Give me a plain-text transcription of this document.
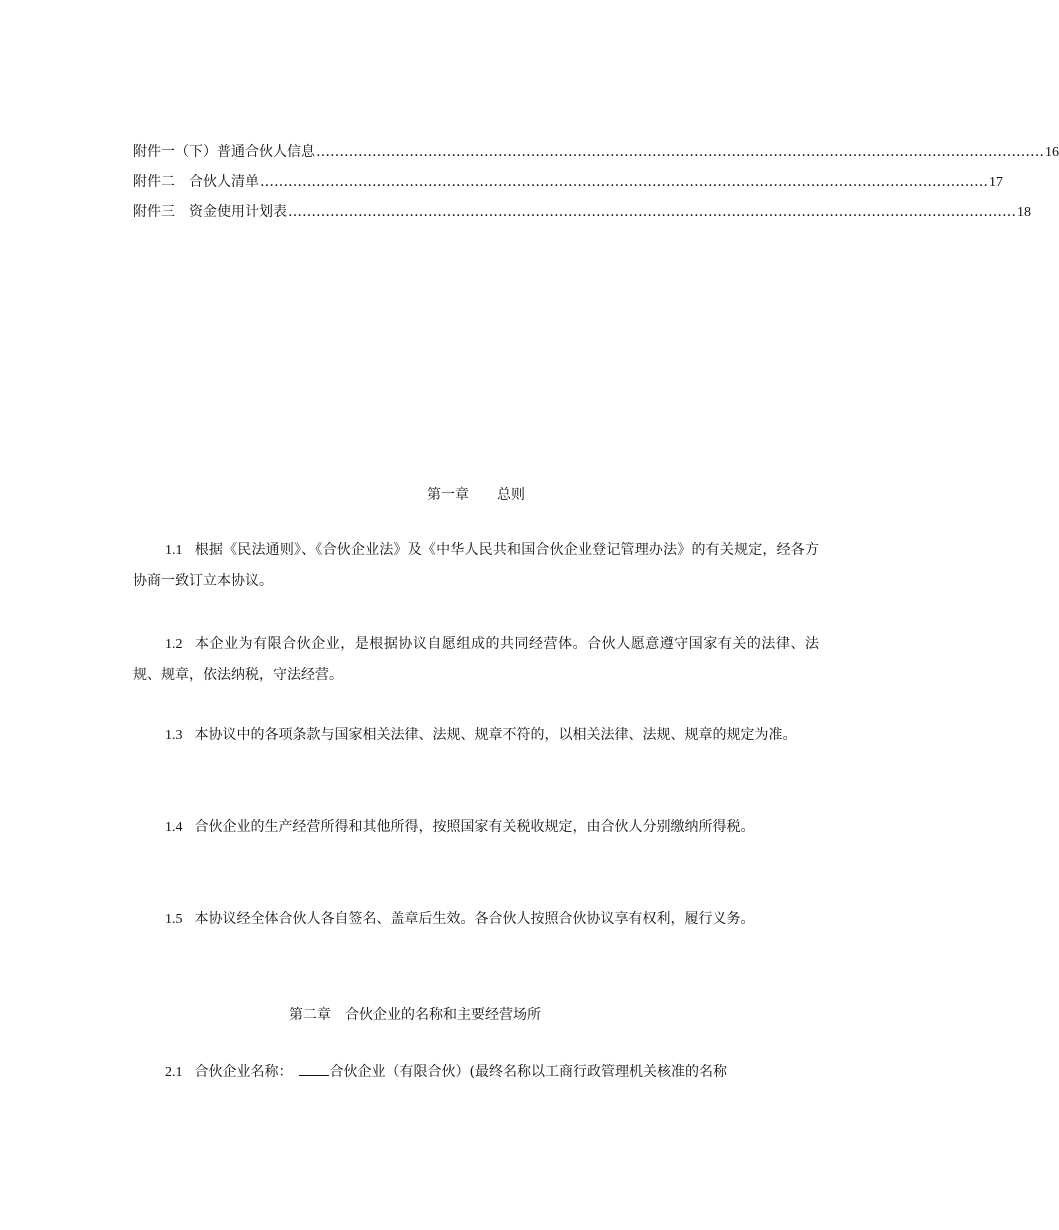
附件一（下）普通合伙人信息 ………………………………………………………………………………………………………………………………………… 16
附件二　合伙人清单 ………………………………………………………………………………………………………………………………………… 17
附件三　资金使用计划表 ………………………………………………………………………………………………………………………………………… 18
第一章　　总则
1.1 根据《民法通则》、《合伙企业法》及《中华人民共和国合伙企业登记管理办法》的有关规定，经各方协商一致订立本协议。
1.2 本企业为有限合伙企业，是根据协议自愿组成的共同经营体。合伙人愿意遵守国家有关的法律、法规、规章，依法纳税，守法经营。
1.3 本协议中的各项条款与国家相关法律、法规、规章不符的，以相关法律、法规、规章的规定为准。
1.4 合伙企业的生产经营所得和其他所得，按照国家有关税收规定，由合伙人分别缴纳所得税。
1.5 本协议经全体合伙人各自签名、盖章后生效。各合伙人按照合伙协议享有权利，履行义务。
第二章　合伙企业的名称和主要经营场所
2.1 合伙企业名称：	合伙企业（有限合伙）(最终名称以工商行政管理机关核准的名称
